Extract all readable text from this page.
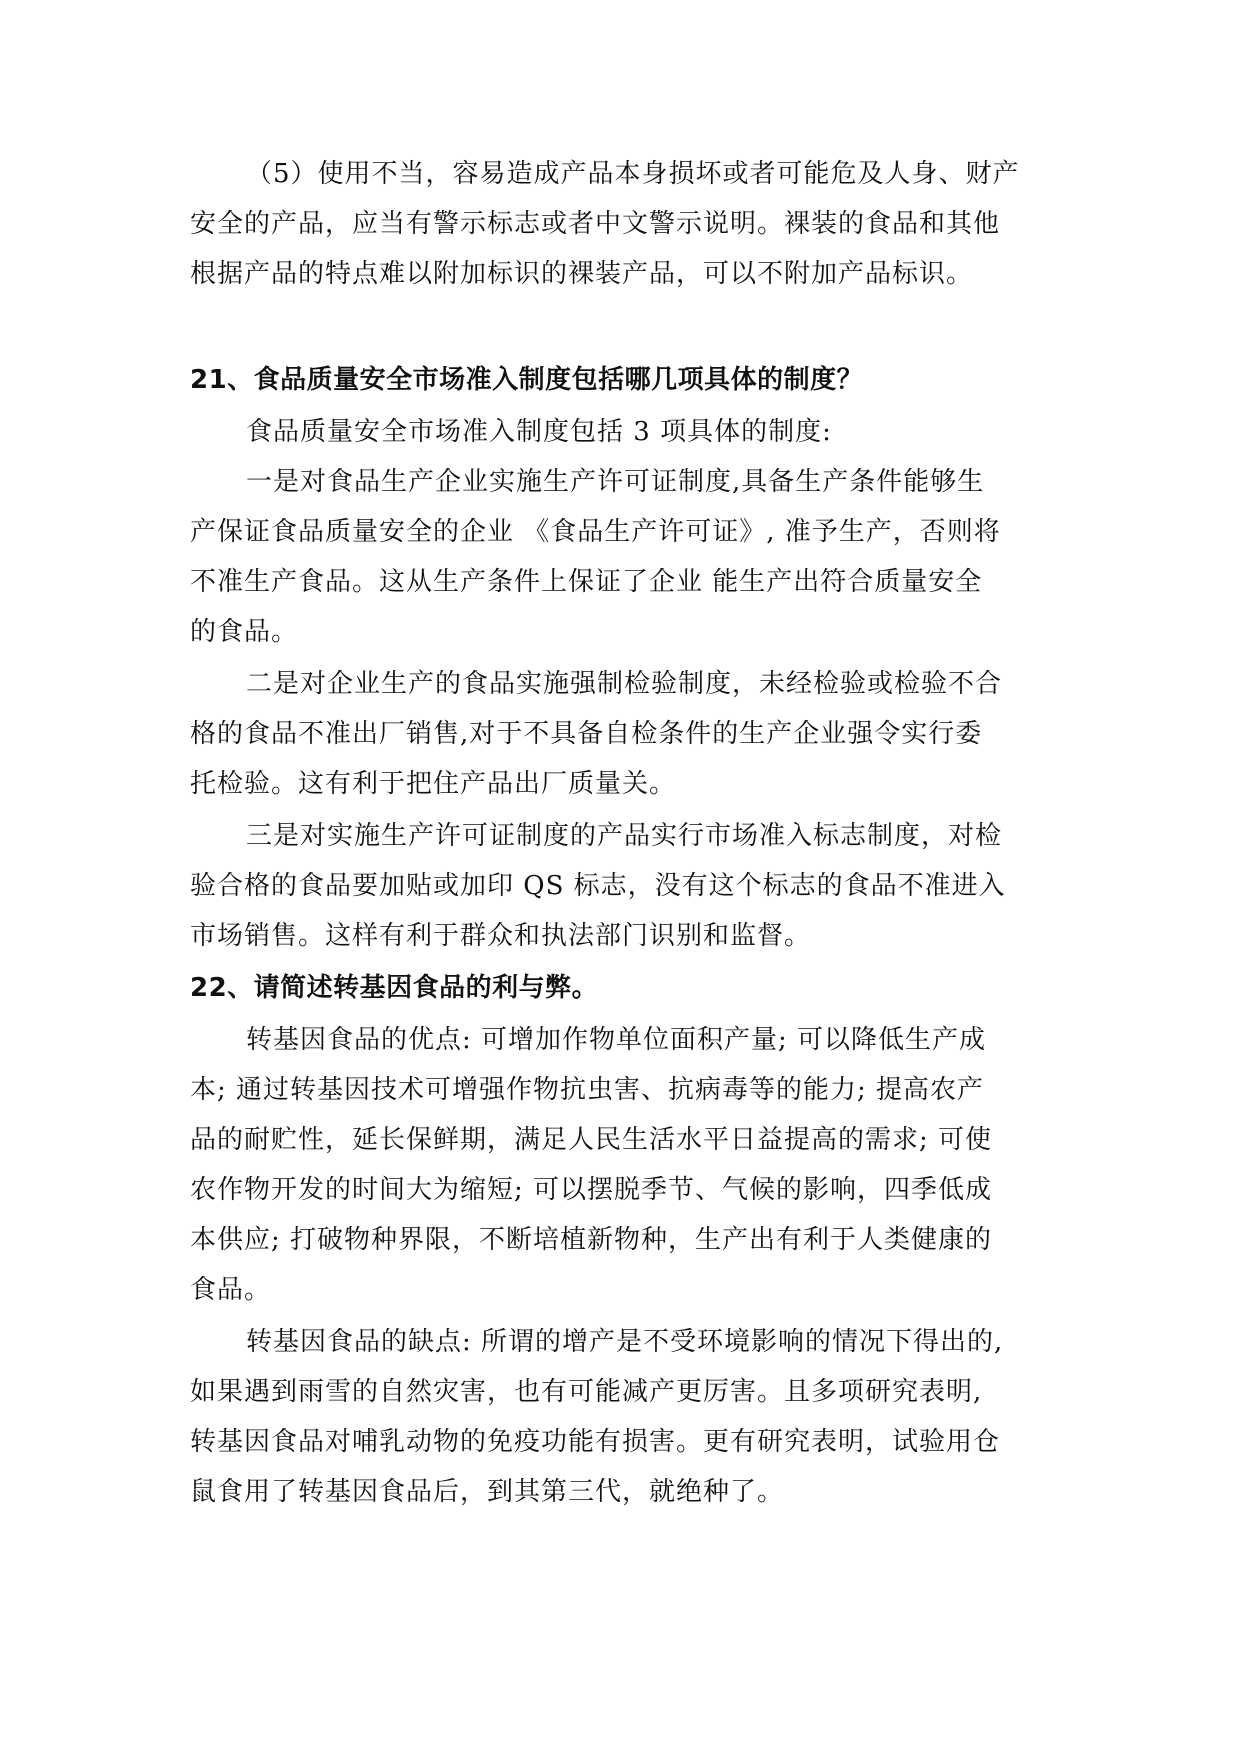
（5）使用不当，容易造成产品本身损坏或者可能危及人身、财产
安全的产品，应当有警示标志或者中文警示说明。裸装的食品和其他
根据产品的特点难以附加标识的裸装产品，可以不附加产品标识。
21、食品质量安全市场准入制度包括哪几项具体的制度？
食品质量安全市场准入制度包括 3 项具体的制度:
一是对食品生产企业实施生产许可证制度,具备生产条件能够生
产保证食品质量安全的企业 《食品生产许可证》, 准予生产，否则将
不准生产食品。这从生产条件上保证了企业 能生产出符合质量安全
的食品。
二是对企业生产的食品实施强制检验制度，未经检验或检验不合
格的食品不准出厂销售,对于不具备自检条件的生产企业强令实行委
托检验。这有利于把住产品出厂质量关。
三是对实施生产许可证制度的产品实行市场准入标志制度，对检
验合格的食品要加贴或加印 QS 标志，没有这个标志的食品不准进入
市场销售。这样有利于群众和执法部门识别和监督。
22、请简述转基因食品的利与弊。
转基因食品的优点: 可增加作物单位面积产量; 可以降低生产成
本; 通过转基因技术可增强作物抗虫害、抗病毒等的能力; 提高农产
品的耐贮性，延长保鲜期，满足人民生活水平日益提高的需求; 可使
农作物开发的时间大为缩短; 可以摆脱季节、气候的影响，四季低成
本供应; 打破物种界限，不断培植新物种，生产出有利于人类健康的
食品。
转基因食品的缺点: 所谓的增产是不受环境影响的情况下得出的,
如果遇到雨雪的自然灾害，也有可能减产更厉害。且多项研究表明,
转基因食品对哺乳动物的免疫功能有损害。更有研究表明，试验用仓
鼠食用了转基因食品后，到其第三代，就绝种了。
